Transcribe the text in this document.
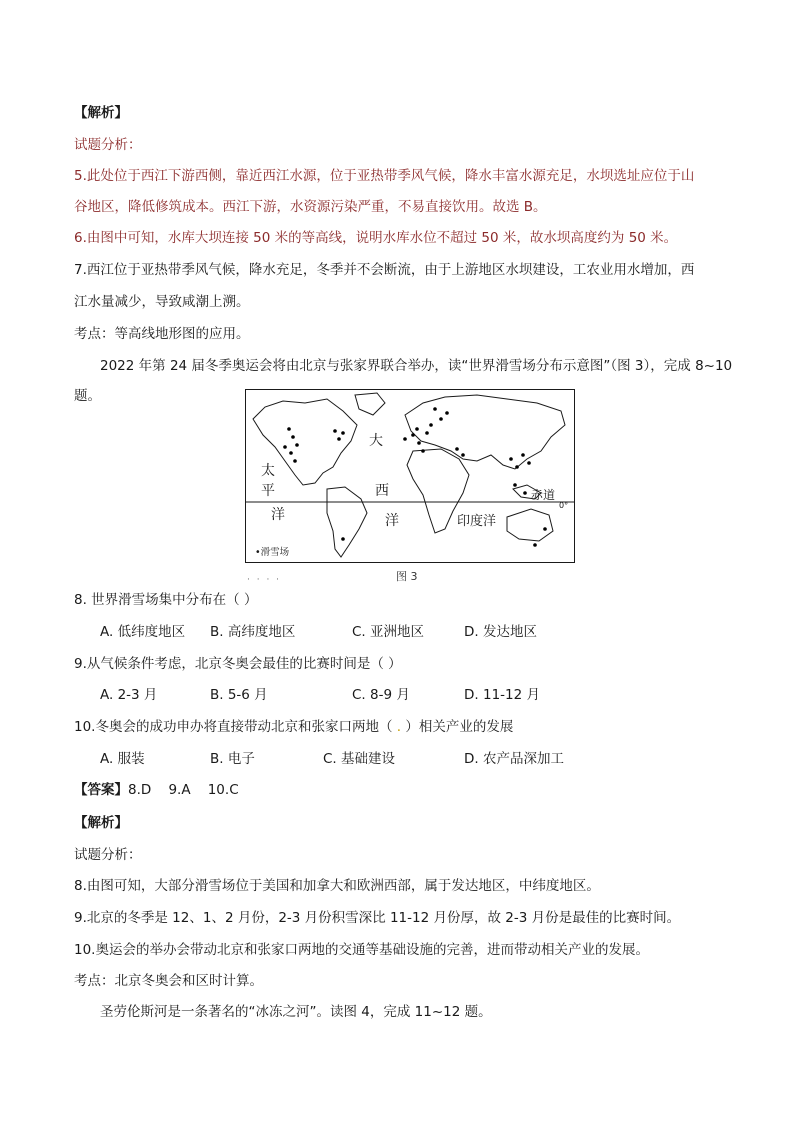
【解析】
试题分析：
5.此处位于西江下游西侧，靠近西江水源，位于亚热带季风气候，降水丰富水源充足，水坝选址应位于山
谷地区，降低修筑成本。西江下游，水资源污染严重，不易直接饮用。故选 B。
6.由图中可知，水库大坝连接 50 米的等高线，说明水库水位不超过 50 米，故水坝高度约为 50 米。
7.西江位于亚热带季风气候，降水充足，冬季并不会断流，由于上游地区水坝建设，工农业用水增加，西
江水量减少，导致咸潮上溯。
考点：等高线地形图的应用。
2022 年第 24 届冬季奥运会将由北京与张家界联合举办，读“世界滑雪场分布示意图”（图 3），完成 8~10
题。
太
平
洋
大
西
洋	印度洋
赤道
0°
•滑雪场
· · · ·	图 3
8. 世界滑雪场集中分布在（ ）
A. 低纬度地区 B. 高纬度地区	C. 亚洲地区	D. 发达地区
9.从气候条件考虑，北京冬奥会最佳的比赛时间是（ ）
A. 2-3 月	B. 5-6 月	C. 8-9 月	D. 11-12 月
10.冬奥会的成功申办将直接带动北京和张家口两地（ . ）相关产业的发展
A. 服装	B. 电子	C. 基础建设	D. 农产品深加工
【答案】8.D    9.A    10.C
【解析】
试题分析：
8.由图可知，大部分滑雪场位于美国和加拿大和欧洲西部，属于发达地区，中纬度地区。
9.北京的冬季是 12、1、2 月份，2-3 月份积雪深比 11-12 月份厚，故 2-3 月份是最佳的比赛时间。
10.奥运会的举办会带动北京和张家口两地的交通等基础设施的完善，进而带动相关产业的发展。
考点：北京冬奥会和区时计算。
圣劳伦斯河是一条著名的“冰冻之河”。读图 4，完成 11~12 题。
